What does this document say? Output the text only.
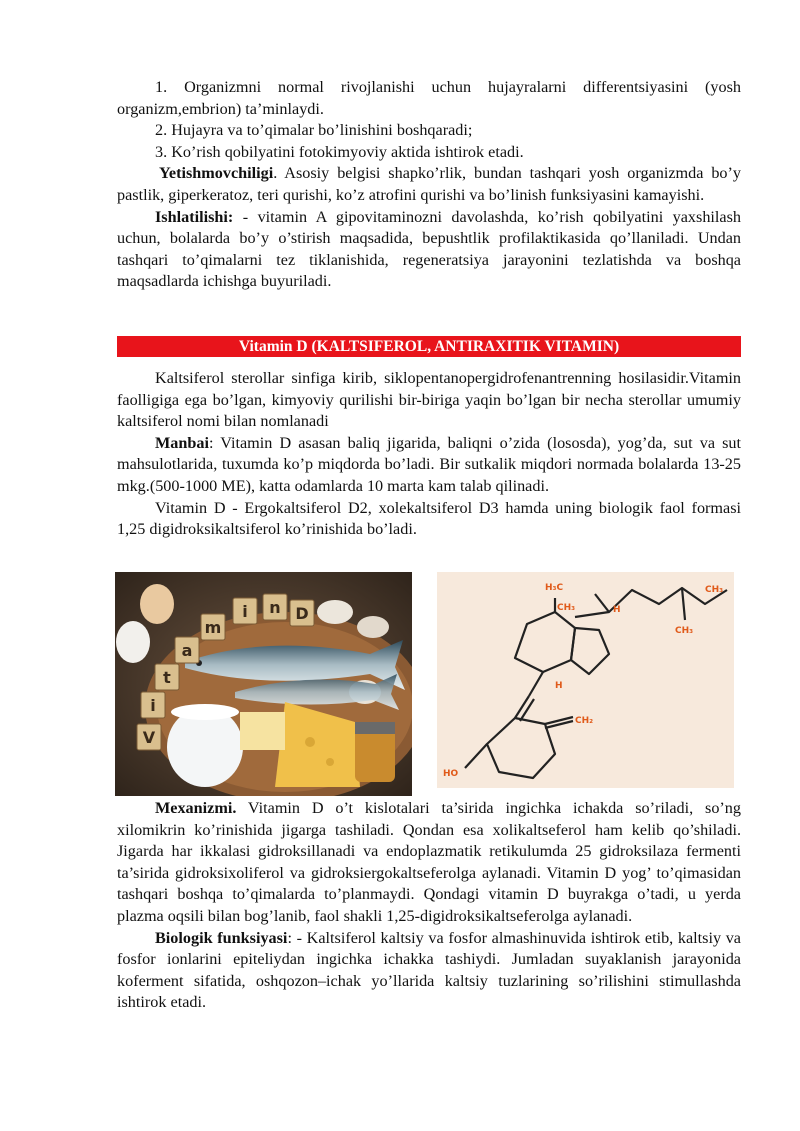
1. Organizmni normal rivojlanishi uchun hujayralarni differentsiyasini (yosh organizm,embrion) ta’minlaydi.

2. Hujayra va to’qimalar bo’linishini boshqaradi;

3. Ko’rish qobilyatini fotokimyoviy aktida ishtirok etadi.

Yetishmovchiligi. Asosiy belgisi shapko’rlik, bundan tashqari yosh organizmda bo’y pastlik, giperkeratoz, teri qurishi, ko’z atrofini qurishi va bo’linish funksiyasini kamayishi.

Ishlatilishi: - vitamin A gipovitaminozni davolashda, ko’rish qobilyatini yaxshilash uchun, bolalarda bo’y o’stirish maqsadida, bepushtlik profilaktikasida qo’llaniladi. Undan tashqari to’qimalarni tez tiklanishida, regeneratsiya jarayonini tezlatishda va boshqa maqsadlarda ichishga buyuriladi.

Vitamin D (KALTSIFEROL, ANTIRAXITIK VITAMIN)

Kaltsiferol sterollar sinfiga kirib, siklopentanopergidrofenantrenning hosilasidir.Vitamin faolligiga ega bo’lgan, kimyoviy qurilishi bir-biriga yaqin bo’lgan bir necha sterollar umumiy kaltsiferol nomi bilan nomlanadi

Manbai: Vitamin D asasan baliq jigarida, baliqni o’zida (lososda), yog’da, sut va sut mahsulotlarida, tuxumda ko’p miqdorda bo’ladi. Bir sutkalik miqdori normada bolalarda 13-25 mkg.(500-1000 ME), katta odamlarda 10 marta kam talab qilinadi.

Vitamin D - Ergokaltsiferol D2, xolekaltsiferol D3 hamda uning biologik faol formasi 1,25 digidroksikaltsiferol ko’rinishida bo’ladi.

V
i
t
a
m
i n D
H₃C	CH₃
CH₃
CH₃
H
H
CH₂
HO

Mexanizmi. Vitamin D o’t kislotalari ta’sirida ingichka ichakda so’riladi, so’ng xilomikrin ko’rinishida jigarga tashiladi. Qondan esa xolikaltseferol ham kelib qo’shiladi. Jigarda har ikkalasi gidroksillanadi va endoplazmatik retikulumda 25 gidroksilaza fermenti ta’sirida gidroksixoliferol va gidroksiergokaltseferolga aylanadi. Vitamin D yog’ to’qimasidan tashqari boshqa to’qimalarda to’planmaydi. Qondagi vitamin D buyrakga o’tadi, u yerda plazma oqsili bilan bog’lanib, faol shakli 1,25-digidroksikaltseferolga aylanadi.

Biologik funksiyasi: - Kaltsiferol kaltsiy va fosfor almashinuvida ishtirok etib, kaltsiy va fosfor ionlarini epiteliydan ingichka ichakka tashiydi. Jumladan suyaklanish jarayonida koferment sifatida, oshqozon–ichak yo’llarida kaltsiy tuzlarining so’rilishini stimullashda ishtirok etadi.
